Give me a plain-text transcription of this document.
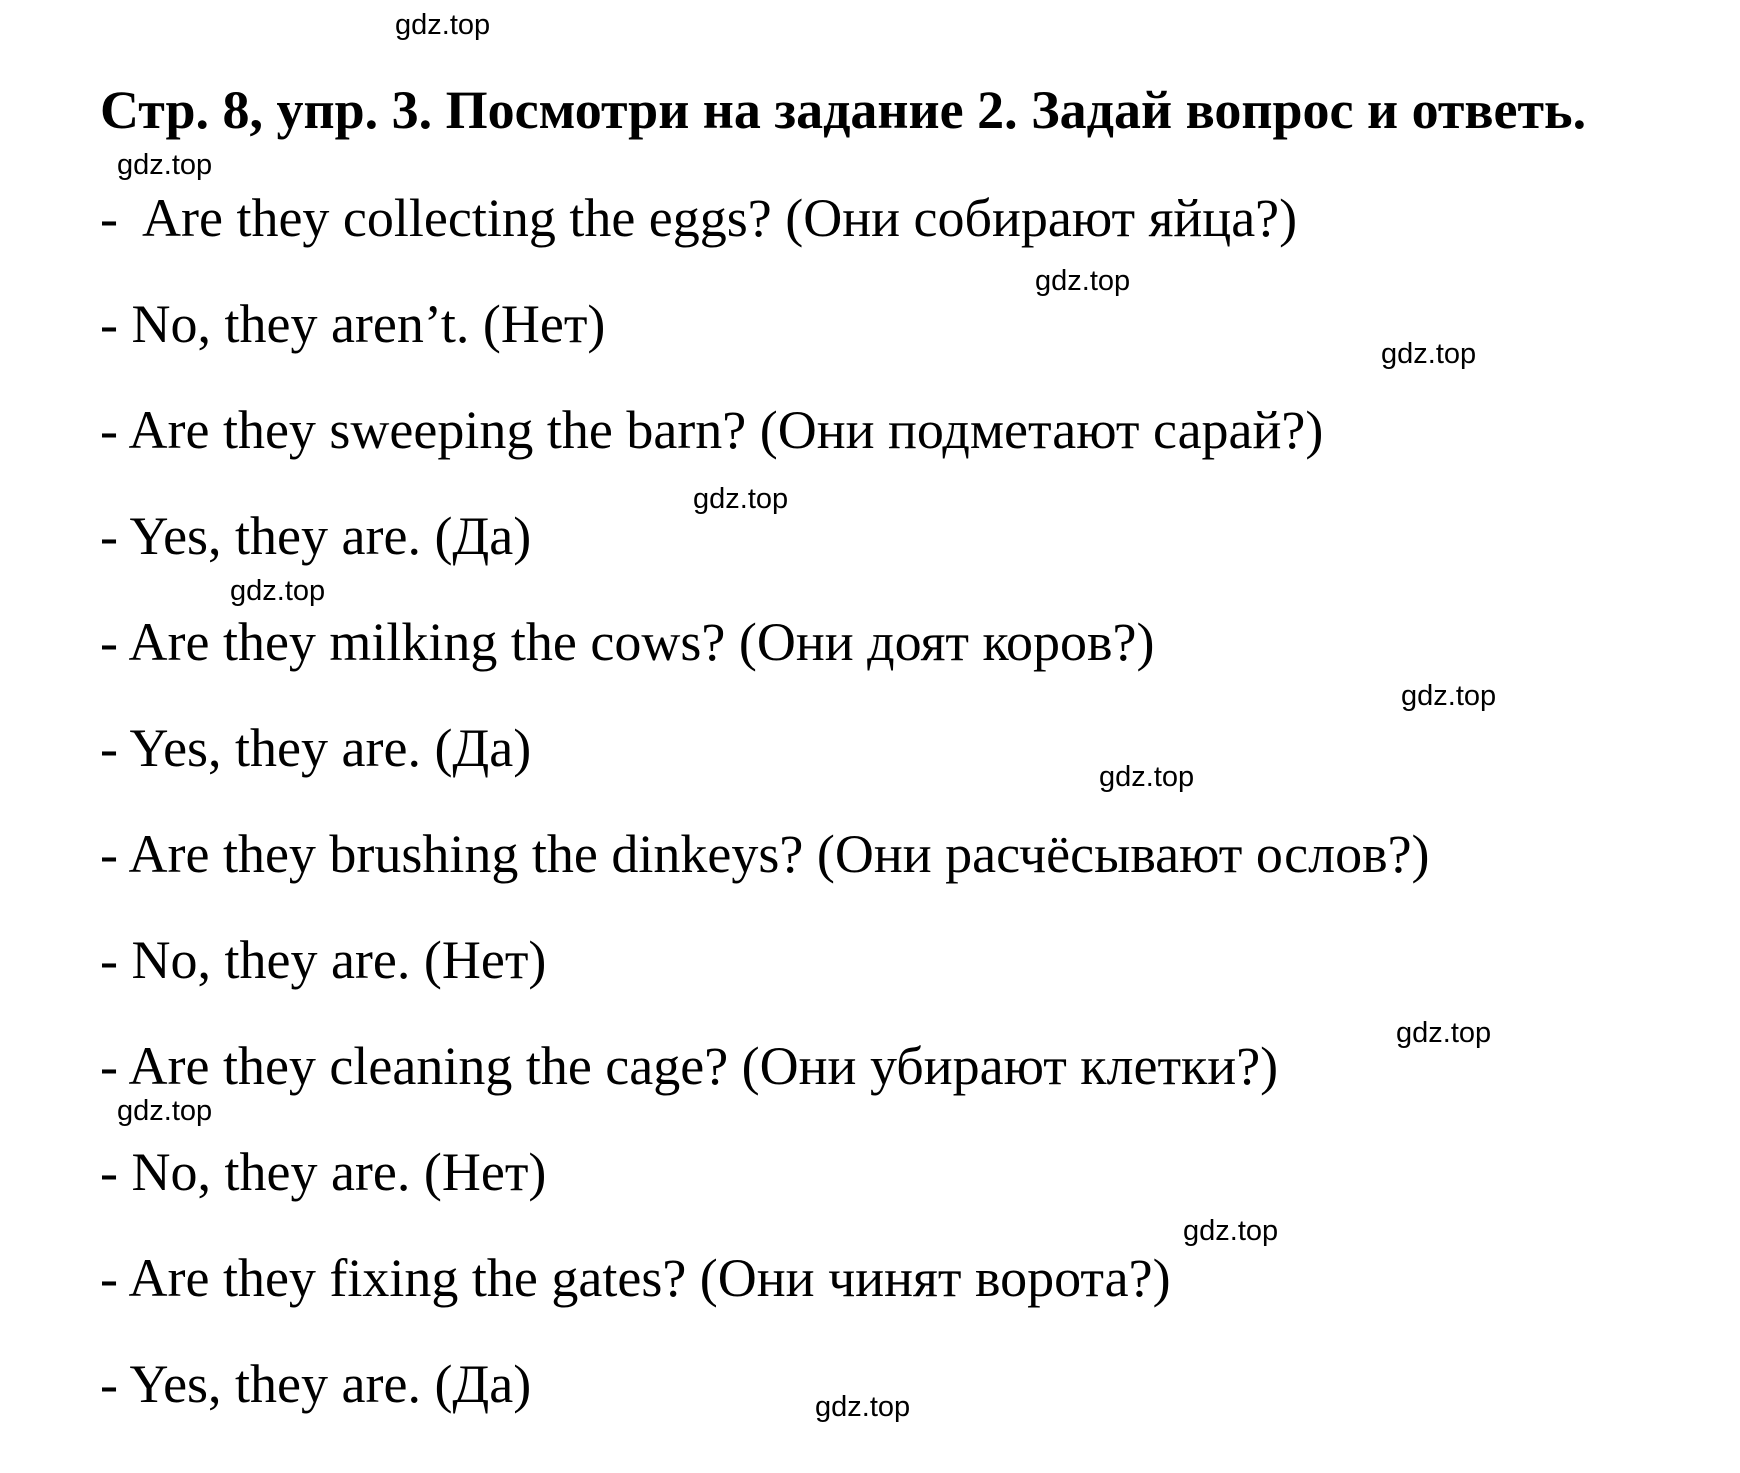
Стр. 8, упр. 3. Посмотри на задание 2. Задай вопрос и ответь.
-  Are they collecting the eggs? (Они собирают яйца?)
- No, they aren’t. (Нет)
- Are they sweeping the barn? (Они подметают сарай?)
- Yes, they are. (Да)
- Are they milking the cows? (Они доят коров?)
- Yes, they are. (Да)
- Are they brushing the dinkeys? (Они расчёсывают ослов?)
- No, they are. (Нет)
- Are they cleaning the cage? (Они убирают клетки?)
- No, they are. (Нет)
- Are they fixing the gates? (Они чинят ворота?)
- Yes, they are. (Да)
gdz.top
gdz.top
gdz.top
gdz.top
gdz.top
gdz.top
gdz.top
gdz.top
gdz.top
gdz.top
gdz.top
gdz.top
